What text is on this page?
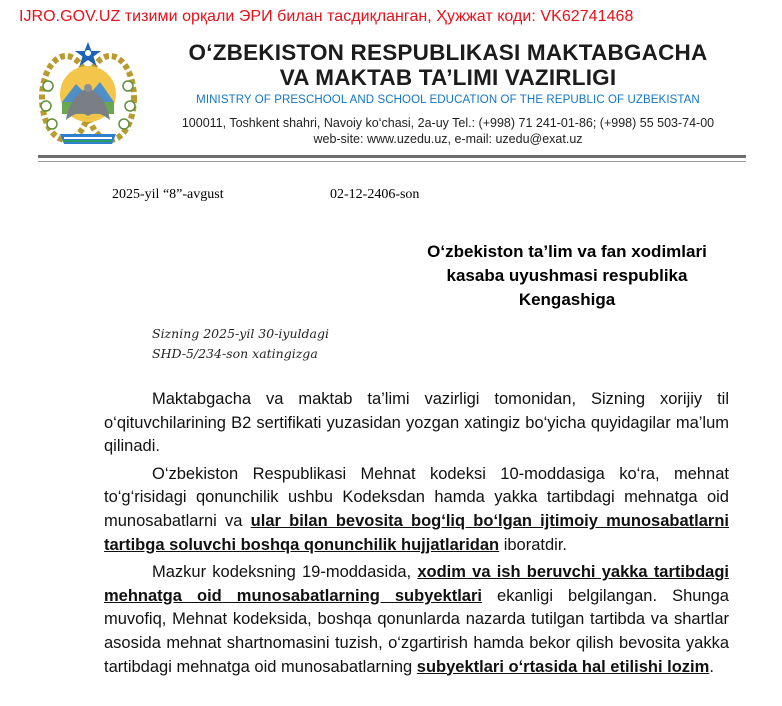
IJRO.GOV.UZ тизими орқали ЭРИ билан тасдиқланган, Ҳужжат коди: VK62741468
O‘ZBEKISTON RESPUBLIKASI MAKTABGACHA
VA MAKTAB TA’LIMI VAZIRLIGI
MINISTRY OF PRESCHOOL AND SCHOOL EDUCATION OF THE REPUBLIC OF UZBEKISTAN
100011, Toshkent shahri, Navoiy ko‘chasi, 2a-uy Tel.: (+998) 71 241-01-86; (+998) 55 503-74-00
web-site: www.uzedu.uz, e-mail: uzedu@exat.uz
2025-yil “8”-avgust	02-12-2406-son
O‘zbekiston ta’lim va fan xodimlari
kasaba uyushmasi respublika
Kengashiga
Sizning 2025-yil 30-iyuldagi
SHD-5/234-son xatingizga

Maktabgacha va maktab ta’limi vazirligi tomonidan, Sizning xorijiy til o‘qituvchilarining B2 sertifikati yuzasidan yozgan xatingiz bo‘yicha quyidagilar ma’lum qilinadi.

O‘zbekiston Respublikasi Mehnat kodeksi 10-moddasiga ko‘ra, mehnat to‘g‘risidagi qonunchilik ushbu Kodeksdan hamda yakka tartibdagi mehnatga oid munosabatlarni va ular bilan bevosita bog‘liq bo‘lgan ijtimoiy munosabatlarni tartibga soluvchi boshqa qonunchilik hujjatlaridan iboratdir.

Mazkur kodeksning 19-moddasida, xodim va ish beruvchi yakka tartibdagi mehnatga oid munosabatlarning subyektlari ekanligi belgilangan. Shunga muvofiq, Mehnat kodeksida, boshqa qonunlarda nazarda tutilgan tartibda va shartlar asosida mehnat shartnomasini tuzish, o‘zgartirish hamda bekor qilish bevosita yakka tartibdagi mehnatga oid munosabatlarning subyektlari o‘rtasida hal etilishi lozim.
